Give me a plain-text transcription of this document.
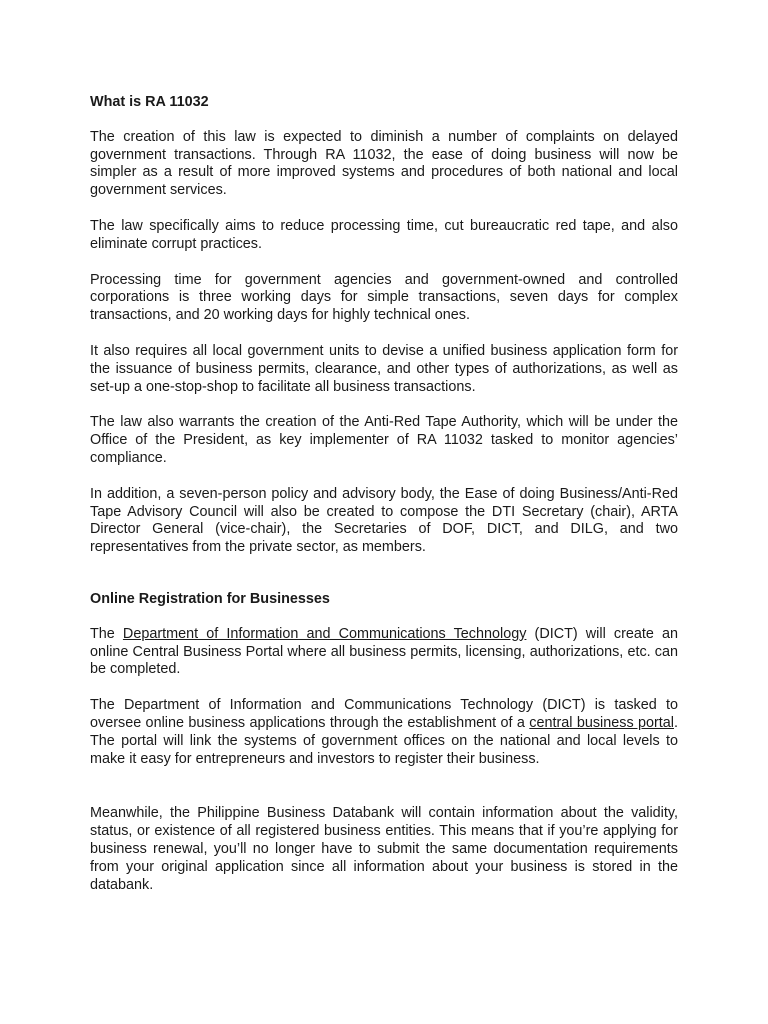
What is RA 11032

The creation of this law is expected to diminish a number of complaints on delayed government transactions. Through RA 11032, the ease of doing business will now be simpler as a result of more improved systems and procedures of both national and local government services.

The law specifically aims to reduce processing time, cut bureaucratic red tape, and also eliminate corrupt practices.

Processing time for government agencies and government-owned and controlled corporations is three working days for simple transactions, seven days for complex transactions, and 20 working days for highly technical ones.

It also requires all local government units to devise a unified business application form for the issuance of business permits, clearance, and other types of authorizations, as well as set-up a one-stop-shop to facilitate all business transactions.

The law also warrants the creation of the Anti-Red Tape Authority, which will be under the Office of the President, as key implementer of RA 11032 tasked to monitor agencies’ compliance.

In addition, a seven-person policy and advisory body, the Ease of doing Business/Anti-Red Tape Advisory Council will also be created to compose the DTI Secretary (chair), ARTA Director General (vice-chair), the Secretaries of DOF, DICT, and DILG, and two representatives from the private sector, as members.

Online Registration for Businesses

The Department of Information and Communications Technology (DICT) will create an online Central Business Portal where all business permits, licensing, authorizations, etc. can be completed.

The Department of Information and Communications Technology (DICT) is tasked to oversee online business applications through the establishment of a central business portal. The portal will link the systems of government offices on the national and local levels to make it easy for entrepreneurs and investors to register their business.

Meanwhile, the Philippine Business Databank will contain information about the validity, status, or existence of all registered business entities. This means that if you’re applying for business renewal, you’ll no longer have to submit the same documentation requirements from your original application since all information about your business is stored in the databank.
